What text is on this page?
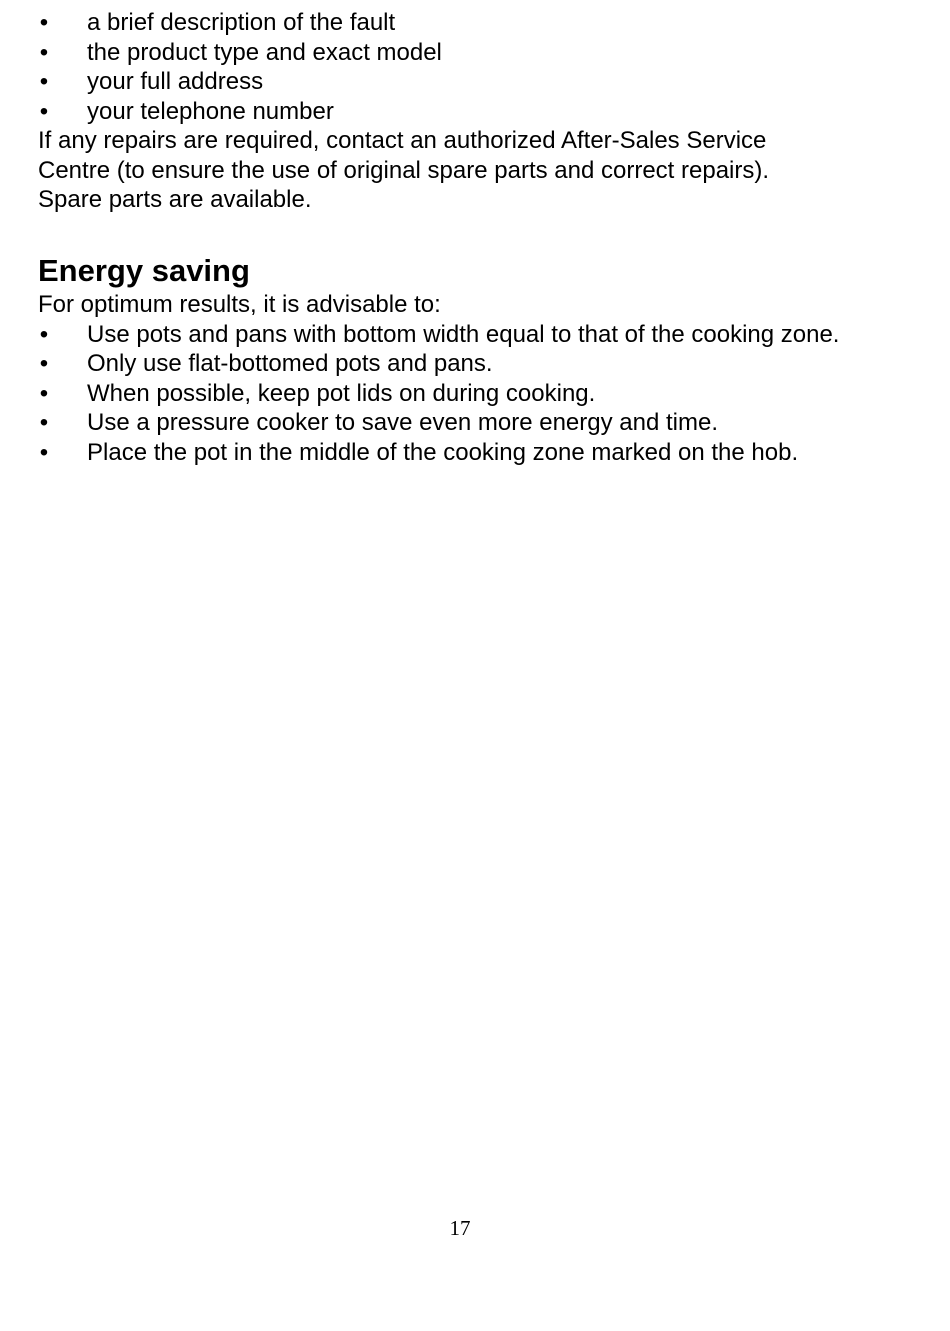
• a brief description of the fault
• the product type and exact model
• your full address
• your telephone number

If any repairs are required, contact an authorized After-Sales Service
Centre (to ensure the use of original spare parts and correct repairs).
Spare parts are available.

Energy saving

For optimum results, it is advisable to:

• Use pots and pans with bottom width equal to that of the cooking zone.
• Only use flat-bottomed pots and pans.
• When possible, keep pot lids on during cooking.
• Use a pressure cooker to save even more energy and time.
• Place the pot in the middle of the cooking zone marked on the hob.
17
